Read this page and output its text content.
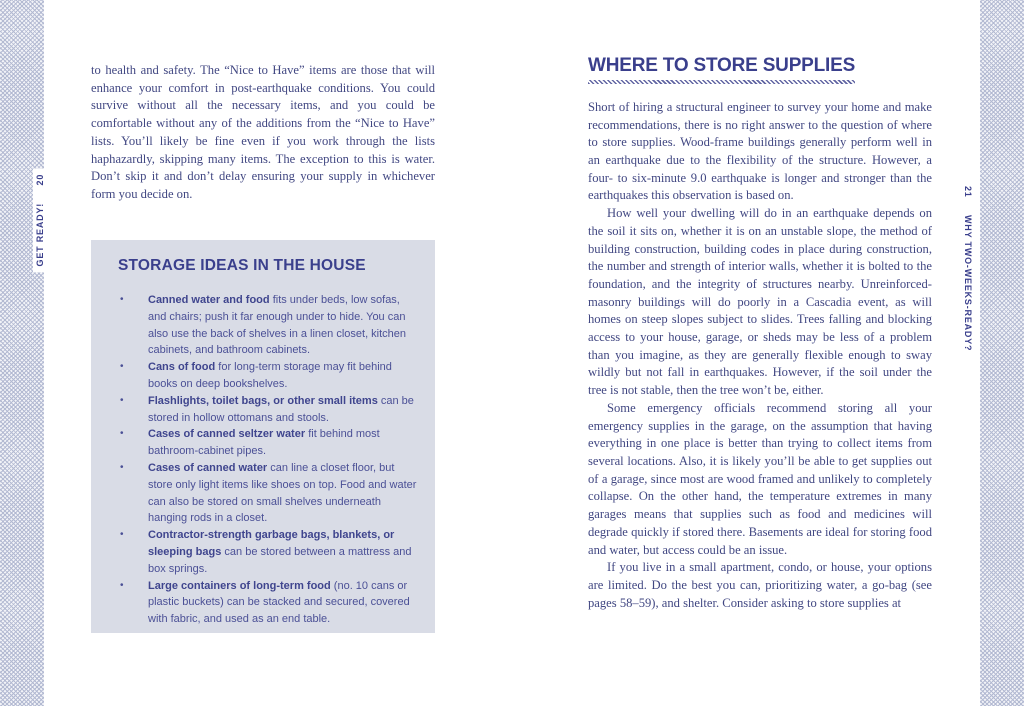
GET READY! 20
21 WHY TWO-WEEKS-READY?

to health and safety. The “Nice to Have” items are those that will enhance your comfort in post-earthquake conditions. You could survive without all the necessary items, and you could be comfortable without any of the additions from the “Nice to Have” lists. You’ll likely be fine even if you work through the lists haphazardly, skipping many items. The exception to this is water. Don’t skip it and don’t delay ensuring your supply in whichever form you decide on.

STORAGE IDEAS IN THE HOUSE
• Canned water and food fits under beds, low sofas, and chairs; push it far enough under to hide. You can also use the back of shelves in a linen closet, kitchen cabinets, and bathroom cabinets.
• Cans of food for long-term storage may fit behind books on deep bookshelves.
• Flashlights, toilet bags, or other small items can be stored in hollow ottomans and stools.
• Cases of canned seltzer water fit behind most bathroom-cabinet pipes.
• Cases of canned water can line a closet floor, but store only light items like shoes on top. Food and water can also be stored on small shelves underneath hanging rods in a closet.
• Contractor-strength garbage bags, blankets, or sleeping bags can be stored between a mattress and box springs.
• Large containers of long-term food (no. 10 cans or plastic buckets) can be stacked and secured, covered with fabric, and used as an end table.
WHERE TO STORE SUPPLIES

Short of hiring a structural engineer to survey your home and make recommendations, there is no right answer to the question of where to store supplies. Wood-frame buildings generally perform well in an earthquake due to the flexibility of the structure. However, a four- to six-minute 9.0 earthquake is longer and stronger than the earthquakes this observation is based on.

How well your dwelling will do in an earthquake depends on the soil it sits on, whether it is on an unstable slope, the method of building construction, building codes in place during construction, the number and strength of interior walls, whether it is bolted to the foundation, and the integrity of structures nearby. Unreinforced-masonry buildings will do poorly in a Cascadia event, as will homes on steep slopes subject to slides. Trees falling and blocking access to your house, garage, or sheds may be less of a problem than you imagine, as they are generally flexible enough to sway wildly but not fall in earthquakes. However, if the soil under the tree is not stable, then the tree won’t be, either.

Some emergency officials recommend storing all your emergency supplies in the garage, on the assumption that having everything in one place is better than trying to collect items from several locations. Also, it is likely you’ll be able to get supplies out of a garage, since most are wood framed and unlikely to completely collapse. On the other hand, the temperature extremes in many garages means that supplies such as food and medicines will degrade quickly if stored there. Basements are ideal for storing food and water, but access could be an issue.

If you live in a small apartment, condo, or house, your options are limited. Do the best you can, prioritizing water, a go-bag (see pages 58–59), and shelter. Consider asking to store supplies at
